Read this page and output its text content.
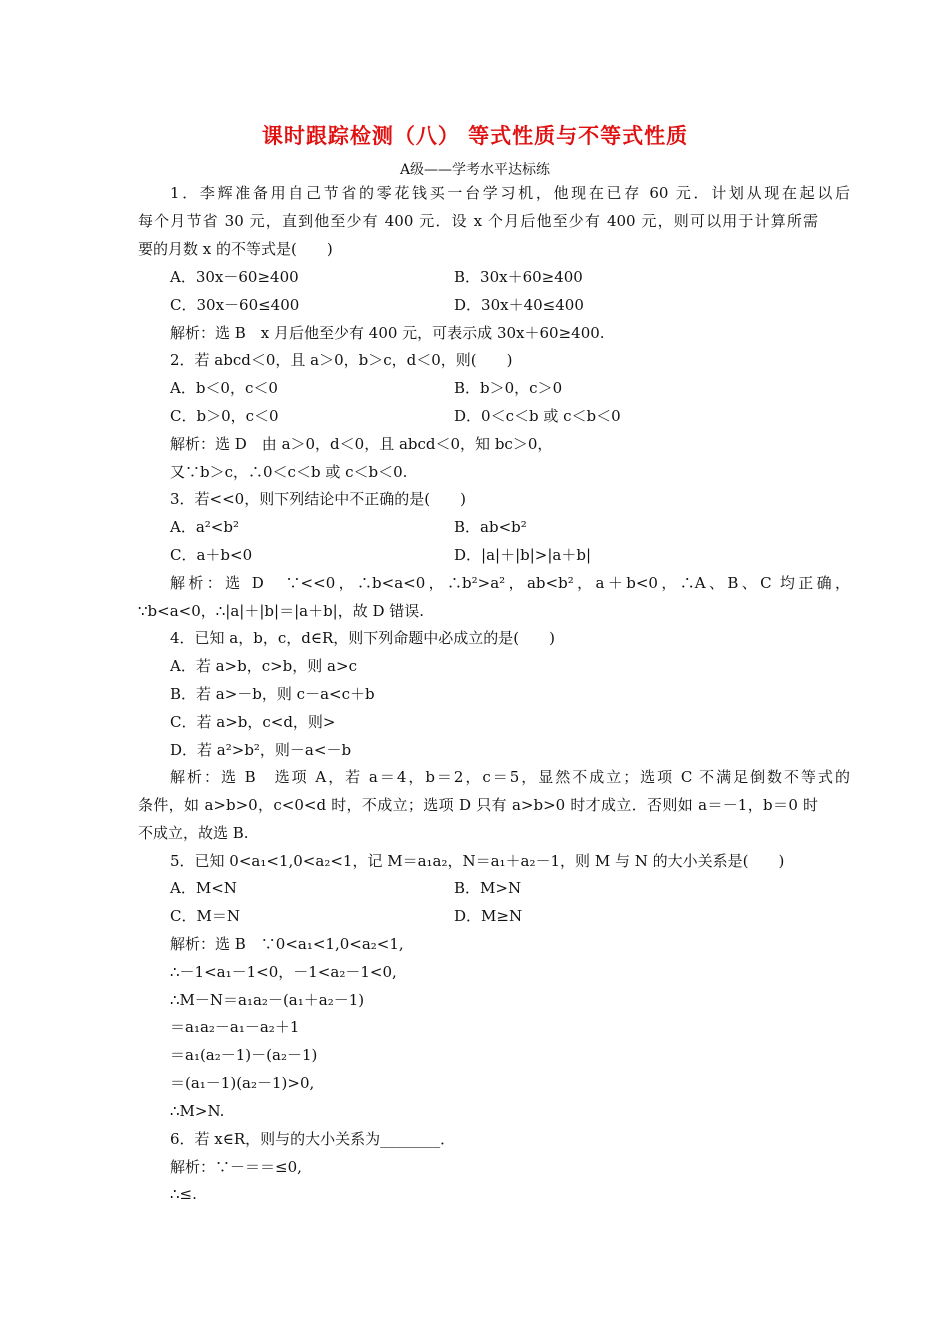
课时跟踪检测（八） 等式性质与不等式性质
A级——学考水平达标练
1．李辉准备用自己节省的零花钱买一台学习机，他现在已存 60 元．计划从现在起以后
每个月节省 30 元，直到他至少有 400 元．设 x 个月后他至少有 400 元，则可以用于计算所需
要的月数 x 的不等式是(　　)
A．30x－60≥400	B．30x＋60≥400
C．30x－60≤400	D．30x＋40≤400
解析：选 B　x 月后他至少有 400 元，可表示成 30x＋60≥400.
2．若 abcd＜0，且 a＞0，b＞c，d＜0，则(　　)
A．b＜0，c＜0	B．b＞0，c＞0
C．b＞0，c＜0	D．0＜c＜b 或 c＜b＜0
解析：选 D　由 a＞0，d＜0，且 abcd＜0，知 bc＞0，
又∵b＞c，∴0＜c＜b 或 c＜b＜0.
3．若<<0，则下列结论中不正确的是(　　)
A．a²<b²	B．ab<b²
C．a＋b<0	D．|a|＋|b|>|a＋b|
解析：选 D　∵<<0，∴b<a<0，∴b²>a²，ab<b²，a＋b<0，∴A、B、C 均正确，
∵b<a<0，∴|a|＋|b|＝|a＋b|，故 D 错误.
4．已知 a，b，c，d∈R，则下列命题中必成立的是(　　)
A．若 a>b，c>b，则 a>c
B．若 a>－b，则 c－a<c＋b
C．若 a>b，c<d，则>
D．若 a²>b²，则－a<－b
解析：选 B　选项 A，若 a＝4，b＝2，c＝5，显然不成立；选项 C 不满足倒数不等式的
条件，如 a>b>0，c<0<d 时，不成立；选项 D 只有 a>b>0 时才成立．否则如 a＝－1，b＝0 时
不成立，故选 B.
5．已知 0<a₁<1,0<a₂<1，记 M＝a₁a₂，N＝a₁＋a₂－1，则 M 与 N 的大小关系是(　　)
A．M<N	B．M>N
C．M＝N	D．M≥N
解析：选 B　∵0<a₁<1,0<a₂<1,
∴－1<a₁－1<0，－1<a₂－1<0,
∴M－N＝a₁a₂－(a₁＋a₂－1)
＝a₁a₂－a₁－a₂＋1
＝a₁(a₂－1)－(a₂－1)
＝(a₁－1)(a₂－1)>0,
∴M>N.
6．若 x∈R，则与的大小关系为________．
解析：∵－＝＝≤0,
∴≤.
